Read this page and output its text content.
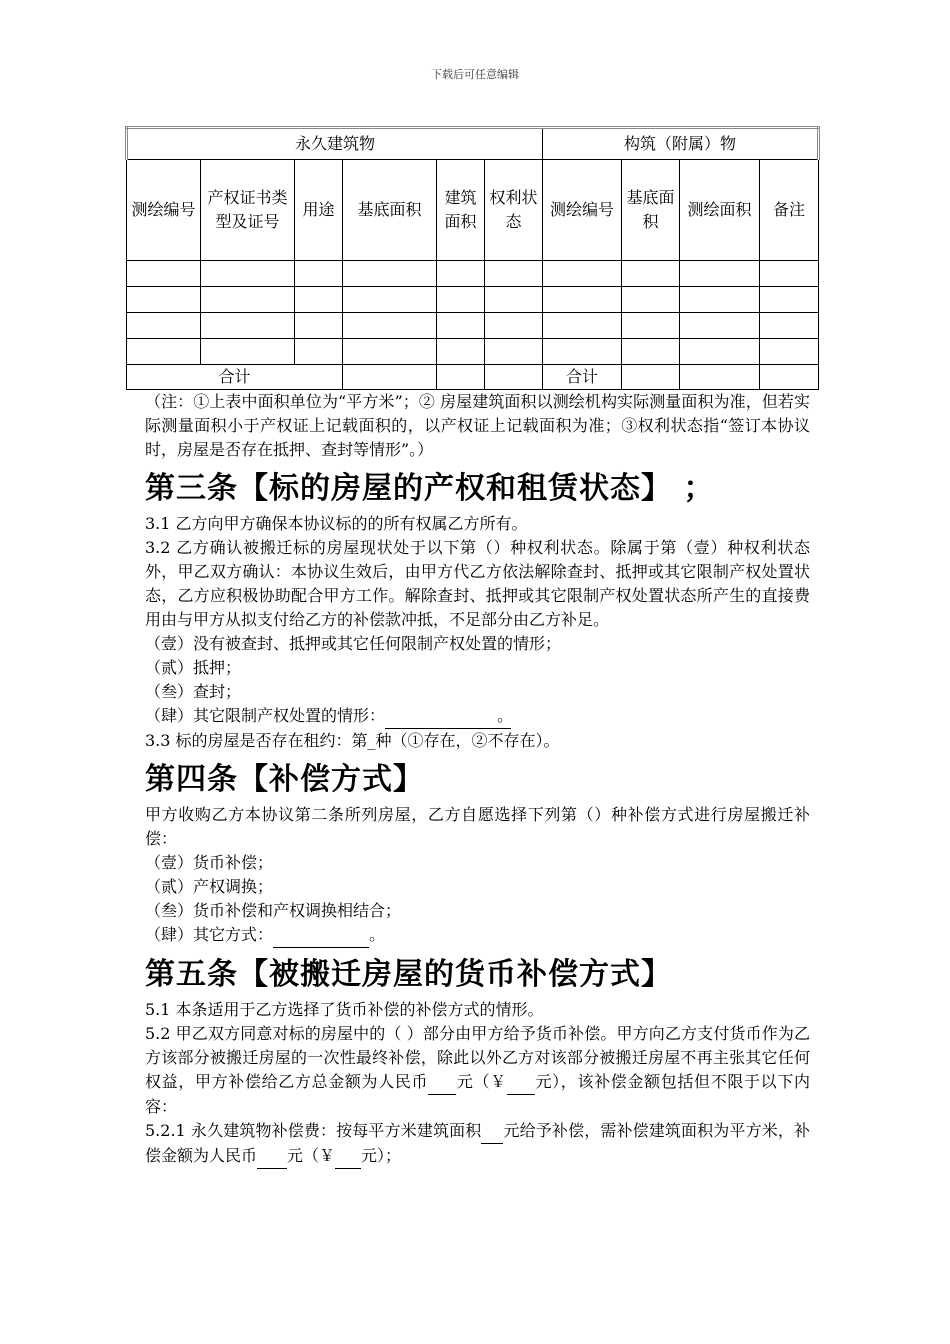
下载后可任意编辑
永久建筑物						构筑（附属）物			
测绘编号	产权证书类型及证号	用途	基底面积	建筑面积	权利状态	测绘编号	基底面积	测绘面积	备注

合计						合计			

（注：①上表中面积单位为“平方米”；② 房屋建筑面积以测绘机构实际测量面积为准，但若实际测量面积小于产权证上记载面积的，以产权证上记载面积为准；③权利状态指“签订本协议时，房屋是否存在抵押、查封等情形”。）

第三条【标的房屋的产权和租赁状态】 ；

3.1 乙方向甲方确保本协议标的的所有权属乙方所有。

3.2 乙方确认被搬迁标的房屋现状处于以下第（）种权利状态。除属于第（壹）种权利状态外，甲乙双方确认：本协议生效后，由甲方代乙方依法解除查封、抵押或其它限制产权处置状态，乙方应积极协助配合甲方工作。解除查封、抵押或其它限制产权处置状态所产生的直接费用由与甲方从拟支付给乙方的补偿款冲抵，不足部分由乙方补足。

（壹）没有被查封、抵押或其它任何限制产权处置的情形；

（贰）抵押；

（叁）查封；

（肆）其它限制产权处置的情形：	。

3.3 标的房屋是否存在租约：第_种（①存在，②不存在）。

第四条【补偿方式】

甲方收购乙方本协议第二条所列房屋，乙方自愿选择下列第（）种补偿方式进行房屋搬迁补偿：

（壹）货币补偿；

（贰）产权调换；

（叁）货币补偿和产权调换相结合；

（肆）其它方式：	。

第五条【被搬迁房屋的货币补偿方式】

5.1 本条适用于乙方选择了货币补偿的补偿方式的情形。

5.2 甲乙双方同意对标的房屋中的（ ）部分由甲方给予货币补偿。甲方向乙方支付货币作为乙方该部分被搬迁房屋的一次性最终补偿，除此以外乙方对该部分被搬迁房屋不再主张其它任何权益，甲方补偿给乙方总金额为人民币 元（￥ 元），该补偿金额包括但不限于以下内容：

5.2.1 永久建筑物补偿费：按每平方米建筑面积 元给予补偿，需补偿建筑面积为平方米，补偿金额为人民币 元（￥ 元）；
